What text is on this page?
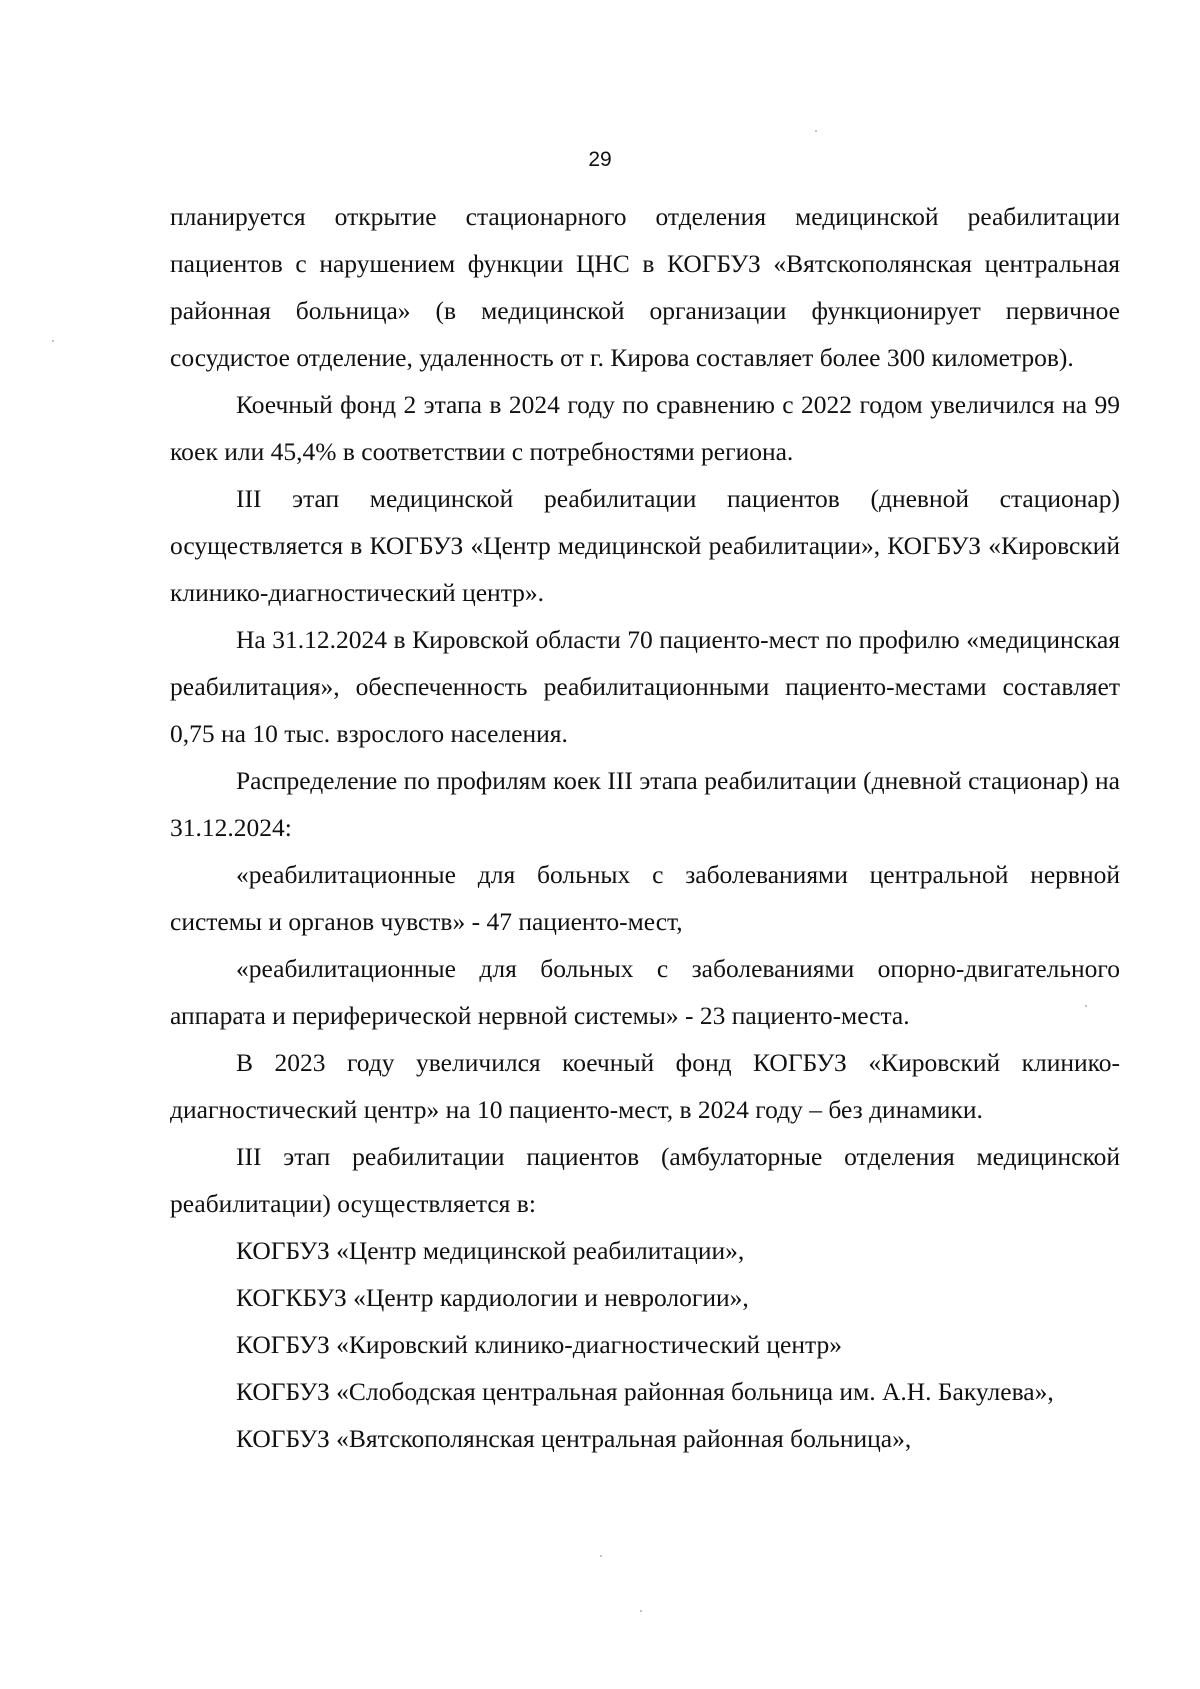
29

планируется открытие стационарного отделения медицинской реабилитации пациентов с нарушением функции ЦНС в КОГБУЗ «Вятскополянская центральная районная больница» (в медицинской организации функционирует первичное сосудистое отделение, удаленность от г. Кирова составляет более 300 километров).

Коечный фонд 2 этапа в 2024 году по сравнению с 2022 годом увеличился на 99 коек или 45,4% в соответствии с потребностями региона.

III этап медицинской реабилитации пациентов (дневной стационар) осуществляется в КОГБУЗ «Центр медицинской реабилитации», КОГБУЗ «Кировский клинико-диагностический центр».

На 31.12.2024 в Кировской области 70 пациенто-мест по профилю «медицинская реабилитация», обеспеченность реабилитационными пациенто-местами составляет 0,75 на 10 тыс. взрослого населения.

Распределение по профилям коек III этапа реабилитации (дневной стационар) на 31.12.2024:

«реабилитационные для больных с заболеваниями центральной нервной системы и органов чувств» - 47 пациенто-мест,

«реабилитационные для больных с заболеваниями опорно-двигательного аппарата и периферической нервной системы» - 23 пациенто-места.

В 2023 году увеличился коечный фонд КОГБУЗ «Кировский клинико-диагностический центр» на 10 пациенто-мест, в 2024 году – без динамики.

III этап реабилитации пациентов (амбулаторные отделения медицинской реабилитации) осуществляется в:

КОГБУЗ «Центр медицинской реабилитации»,

КОГКБУЗ «Центр кардиологии и неврологии»,

КОГБУЗ «Кировский клинико-диагностический центр»

КОГБУЗ «Слободская центральная районная больница им. А.Н. Бакулева»,

КОГБУЗ «Вятскополянская центральная районная больница»,
